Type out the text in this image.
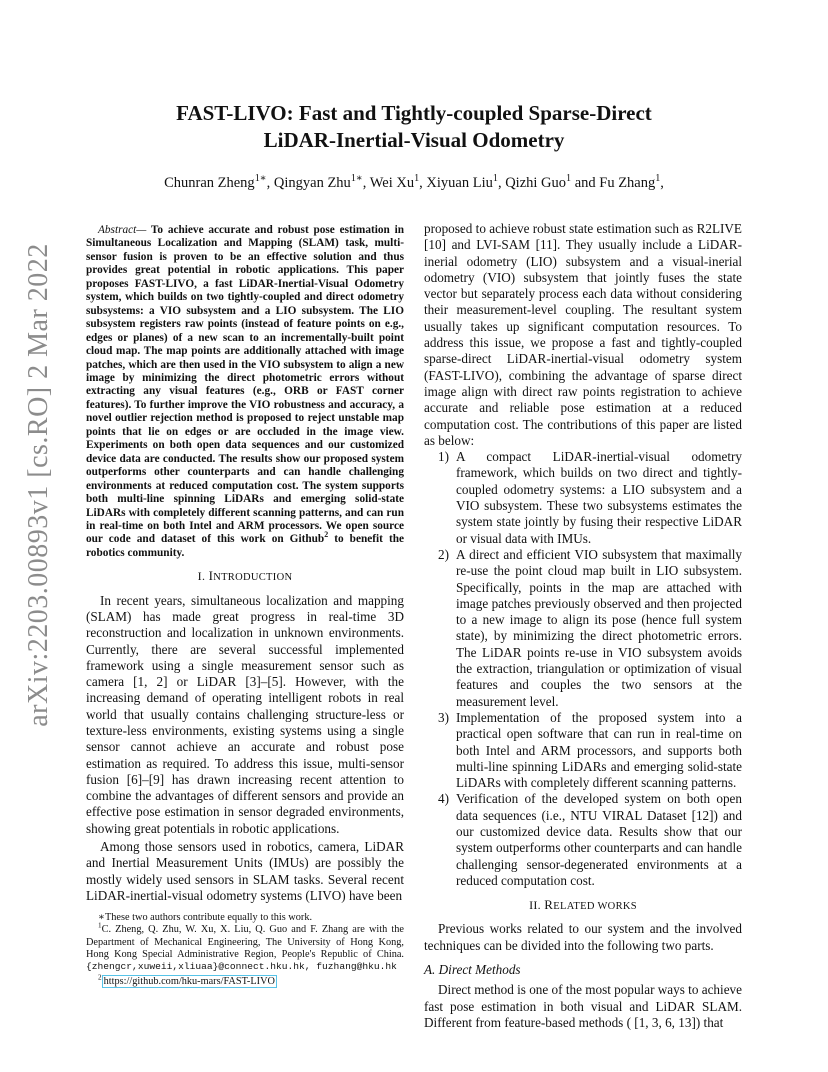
arXiv:2203.00893v1 [cs.RO] 2 Mar 2022
FAST-LIVO: Fast and Tightly-coupled Sparse-Direct
LiDAR-Inertial-Visual Odometry
Chunran Zheng$^{1∗}$, Qingyan Zhu$^{1∗}$, Wei Xu$^1$, Xiyuan Liu$^1$, Qizhi Guo$^1$ and Fu Zhang$^1$,

Abstract— To achieve accurate and robust pose estimation in Simultaneous Localization and Mapping (SLAM) task, multi-sensor fusion is proven to be an effective solution and thus provides great potential in robotic applications. This paper proposes FAST-LIVO, a fast LiDAR-Inertial-Visual Odometry system, which builds on two tightly-coupled and direct odometry subsystems: a VIO subsystem and a LIO subsystem. The LIO subsystem registers raw points (instead of feature points on e.g., edges or planes) of a new scan to an incrementally-built point cloud map. The map points are additionally attached with image patches, which are then used in the VIO subsystem to align a new image by minimizing the direct photometric errors without extracting any visual features (e.g., ORB or FAST corner features). To further improve the VIO robustness and accuracy, a novel outlier rejection method is proposed to reject unstable map points that lie on edges or are occluded in the image view. Experiments on both open data sequences and our customized device data are conducted. The results show our proposed system outperforms other counterparts and can handle challenging environments at reduced computation cost. The system supports both multi-line spinning LiDARs and emerging solid-state LiDARs with completely different scanning patterns, and can run in real-time on both Intel and ARM processors. We open source our code and dataset of this work on Github$^2$ to benefit the robotics community.

I. INTRODUCTION

In recent years, simultaneous localization and mapping (SLAM) has made great progress in real-time 3D reconstruction and localization in unknown environments. Currently, there are several successful implemented framework using a single measurement sensor such as camera [1, 2] or LiDAR [3]–[5]. However, with the increasing demand of operating intelligent robots in real world that usually contains challenging structure-less or texture-less environments, existing systems using a single sensor cannot achieve an accurate and robust pose estimation as required. To address this issue, multi-sensor fusion [6]–[9] has drawn increasing recent attention to combine the advantages of different sensors and provide an effective pose estimation in sensor degraded environments, showing great potentials in robotic applications.

Among those sensors used in robotics, camera, LiDAR and Inertial Measurement Units (IMUs) are possibly the mostly widely used sensors in SLAM tasks. Several recent LiDAR-inertial-visual odometry systems (LIVO) have been

∗These two authors contribute equally to this work.

$^1$C. Zheng, Q. Zhu, W. Xu, X. Liu, Q. Guo and F. Zhang are with the Department of Mechanical Engineering, The University of Hong Kong, Hong Kong Special Administrative Region, People's Republic of China. {zhengcr,xuweii,xliuaa}@connect.hku.hk, fuzhang@hku.hk

$^2$ https://github.com/hku-mars/FAST-LIVO

proposed to achieve robust state estimation such as R2LIVE [10] and LVI-SAM [11]. They usually include a LiDAR-inerial odometry (LIO) subsystem and a visual-inerial odometry (VIO) subsystem that jointly fuses the state vector but separately process each data without considering their measurement-level coupling. The resultant system usually takes up significant computation resources. To address this issue, we propose a fast and tightly-coupled sparse-direct LiDAR-inertial-visual odometry system (FAST-LIVO), combining the advantage of sparse direct image align with direct raw points registration to achieve accurate and reliable pose estimation at a reduced computation cost. The contributions of this paper are listed as below:

1) A compact LiDAR-inertial-visual odometry framework, which builds on two direct and tightly-coupled odometry systems: a LIO subsystem and a VIO subsystem. These two subsystems estimates the system state jointly by fusing their respective LiDAR or visual data with IMUs.
2) A direct and efficient VIO subsystem that maximally re-use the point cloud map built in LIO subsystem. Specifically, points in the map are attached with image patches previously observed and then projected to a new image to align its pose (hence full system state), by minimizing the direct photometric errors. The LiDAR points re-use in VIO subsystem avoids the extraction, triangulation or optimization of visual features and couples the two sensors at the measurement level.
3) Implementation of the proposed system into a practical open software that can run in real-time on both Intel and ARM processors, and supports both multi-line spinning LiDARs and emerging solid-state LiDARs with completely different scanning patterns.
4) Verification of the developed system on both open data sequences (i.e., NTU VIRAL Dataset [12]) and our customized device data. Results show that our system outperforms other counterparts and can handle challenging sensor-degenerated environments at a reduced computation cost.
II. RELATED WORKS

Previous works related to our system and the involved techniques can be divided into the following two parts.

A. Direct Methods

Direct method is one of the most popular ways to achieve fast pose estimation in both visual and LiDAR SLAM. Different from feature-based methods ( [1, 3, 6, 13]) that
